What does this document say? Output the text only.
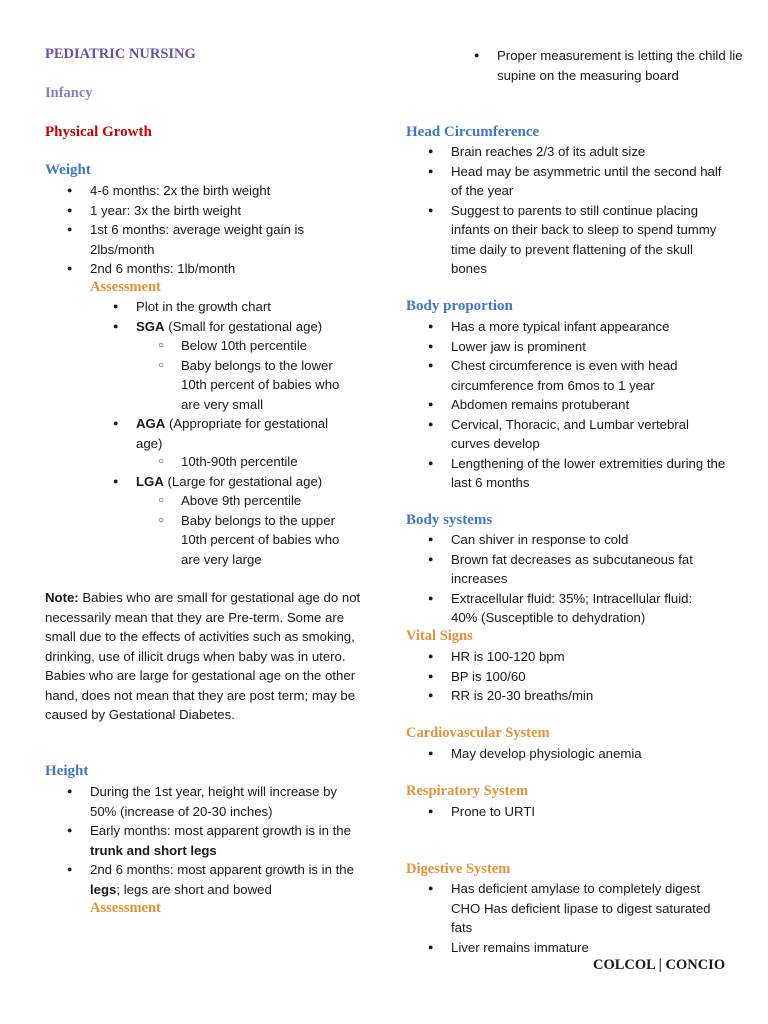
PEDIATRIC NURSING
Infancy
Physical Growth
Weight
● 4-6 months: 2x the birth weight
● 1 year: 3x the birth weight
● 1st 6 months: average weight gain is 2lbs/month
● 2nd 6 months: 1lb/month
Assessment
● Plot in the growth chart
● SGA (Small for gestational age)
○ Below 10th percentile
○ Baby belongs to the lower 10th percent of babies who are very small
● AGA (Appropriate for gestational age)
○ 10th-90th percentile
● LGA (Large for gestational age)
○ Above 9th percentile
○ Baby belongs to the upper 10th percent of babies who are very large
Note: Babies who are small for gestational age do not necessarily mean that they are Pre-term. Some are small due to the effects of activities such as smoking, drinking, use of illicit drugs when baby was in utero. Babies who are large for gestational age on the other hand, does not mean that they are post term; may be caused by Gestational Diabetes.
Height
● During the 1st year, height will increase by 50% (increase of 20-30 inches)
● Early months: most apparent growth is in the trunk and short legs
● 2nd 6 months: most apparent growth is in the legs; legs are short and bowed
Assessment
● Proper measurement is letting the child lie supine on the measuring board
Head Circumference
● Brain reaches 2/3 of its adult size
● Head may be asymmetric until the second half of the year
● Suggest to parents to still continue placing infants on their back to sleep to spend tummy time daily to prevent flattening of the skull bones
Body proportion
● Has a more typical infant appearance
● Lower jaw is prominent
● Chest circumference is even with head circumference from 6mos to 1 year
● Abdomen remains protuberant
● Cervical, Thoracic, and Lumbar vertebral curves develop
● Lengthening of the lower extremities during the last 6 months
Body systems
● Can shiver in response to cold
● Brown fat decreases as subcutaneous fat increases
● Extracellular fluid: 35%; Intracellular fluid: 40% (Susceptible to dehydration)
Vital Signs
● HR is 100-120 bpm
● BP is 100/60
● RR is 20-30 breaths/min
Cardiovascular System
● May develop physiologic anemia
Respiratory System
● Prone to URTI
Digestive System
● Has deficient amylase to completely digest CHO Has deficient lipase to digest saturated fats
● Liver remains immature
COLCOL | CONCIO
